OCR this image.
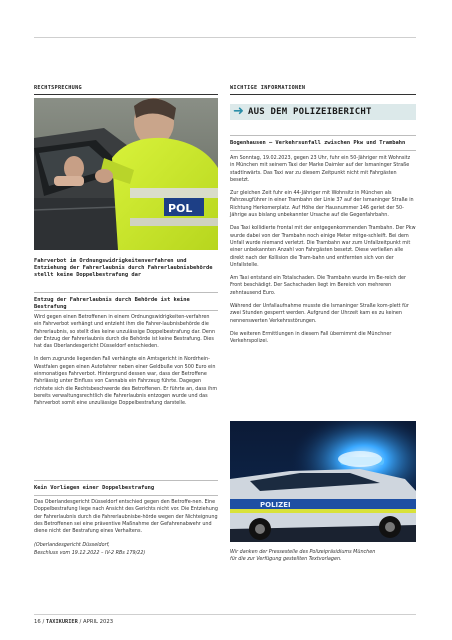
RECHTSPRECHUNG	WICHTIGE INFORMATIONEN
POL
Fahrverbot im Ordnungswidrigkeitenverfahren und Entziehung der Fahrerlaubnis durch Fahrerlaubnisbehörde stellt keine Doppelbestrafung dar
Entzug der Fahrerlaubnis durch Behörde ist keine Bestrafung

Wird gegen einen Betroffenen in einem Ordnungswidrigkeiten-verfahren ein Fahrverbot verhängt und entzieht ihm die Fahrer-laubnisbehörde die Fahrerlaubnis, so stellt dies keine unzulässige Doppelbestrafung dar. Denn der Entzug der Fahrerlaubnis durch die Behörde ist keine Bestrafung. Dies hat das Oberlandesgericht Düsseldorf entschieden.

In dem zugrunde liegenden Fall verhängte ein Amtsgericht in Nordrhein-Westfalen gegen einen Autofahrer neben einer Geldbuße von 500 Euro ein einmonatiges Fahrverbot. Hintergrund dessen war, dass der Betroffene Fahrlässig unter Einfluss von Cannabis ein Fahrzeug führte. Dagegen richtete sich die Rechtsbeschwerde des Betroffenen. Er führte an, dass ihm bereits verwaltungsrechtlich die Fahrerlaubnis entzogen wurde und das Fahrverbot somit eine unzulässige Doppelbestrafung darstelle.

Kein Vorliegen einer Doppelbestrafung

Das Oberlandesgericht Düsseldorf entschied gegen den Betroffe-nen. Eine Doppelbestrafung liege nach Ansicht des Gerichts nicht vor. Die Entziehung der Fahrerlaubnis durch die Fahrerlaubnisbe-hörde wegen der Nichteignung des Betroffenen sei eine präventive Maßnahme der Gefahrenabwehr und diene nicht der Bestrafung eines Verhaltens.

(Oberlandesgericht Düsseldorf,

Beschluss vom 19.12.2022 – IV-2 RBs 179/22)

➜ AUS DEM POLIZEIBERICHT
Bogenhausen – Verkehrsunfall zwischen Pkw und Trambahn

Am Sonntag, 19.02.2023, gegen 23 Uhr, fuhr ein 50-Jähriger mit Wohnsitz in München mit seinem Taxi der Marke Daimler auf der Ismaninger Straße stadtlnwärts. Das Taxi war zu diesem Zeitpunkt nicht mit Fahrgästen besetzt.

Zur gleichen Zeit fuhr ein 44-Jähriger mit Wohnsitz in München als Fahrzeugführer in einer Trambahn der Linie 37 auf der Ismaninger Straße in Richtung Herkomerplatz. Auf Höhe der Hausnummer 146 geriet der 50-Jährige aus bislang unbekannter Ursache auf die Gegenfahrbahn.

Das Taxi kollidierte frontal mit der entgegenkommenden Trambahn. Der Pkw wurde dabei von der Trambahn noch einige Meter mitge-schleift. Bei dem Unfall wurde niemand verletzt. Die Trambahn war zum Unfallzeitpunkt mit einer unbekannten Anzahl von Fahrgästen besetzt. Diese verließen alle direkt nach der Kollision die Tram-bahn und entfernten sich von der Unfallstelle.

Am Taxi entstand ein Totalschaden. Die Trambahn wurde im Be-reich der Front beschädigt. Der Sachschaden liegt im Bereich von mehreren zehntausend Euro.

Während der Unfallaufnahme musste die Ismaninger Straße kom-plett für zwei Stunden gesperrt werden. Aufgrund der Uhrzeit kam es zu keinen nennenswerten Verkehrsstörungen.

Die weiteren Ermittlungen in diesem Fall übernimmt die Münchner Verkehrspolizei.

POLIZEI

Wir danken der Pressestelle des Polizeipräsidiums München

für die zur Verfügung gestellten Textvorlagen.

16 / TAXIKURIER / APRIL 2023
